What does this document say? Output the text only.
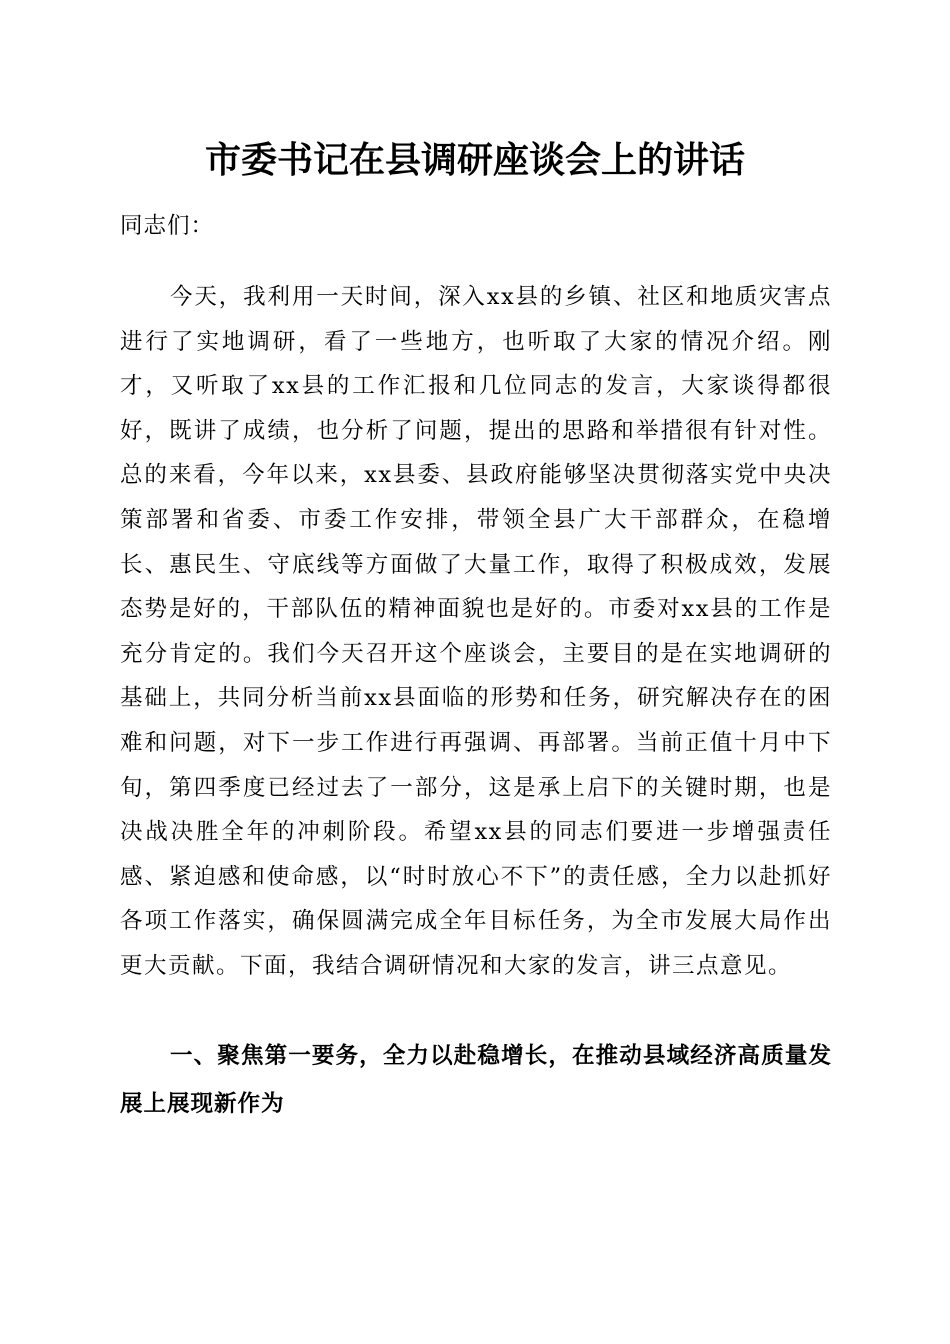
市委书记在县调研座谈会上的讲话
同志们：
今天，我利用一天时间，深入xx县的乡镇、社区和地质灾害点进行了实地调研，看了一些地方，也听取了大家的情况介绍。刚才，又听取了xx县的工作汇报和几位同志的发言，大家谈得都很好，既讲了成绩，也分析了问题，提出的思路和举措很有针对性。总的来看，今年以来，xx县委、县政府能够坚决贯彻落实党中央决策部署和省委、市委工作安排，带领全县广大干部群众，在稳增长、惠民生、守底线等方面做了大量工作，取得了积极成效，发展态势是好的，干部队伍的精神面貌也是好的。市委对xx县的工作是充分肯定的。我们今天召开这个座谈会，主要目的是在实地调研的基础上，共同分析当前xx县面临的形势和任务，研究解决存在的困难和问题，对下一步工作进行再强调、再部署。当前正值十月中下旬，第四季度已经过去了一部分，这是承上启下的关键时期，也是决战决胜全年的冲刺阶段。希望xx县的同志们要进一步增强责任感、紧迫感和使命感，以“时时放心不下”的责任感，全力以赴抓好各项工作落实，确保圆满完成全年目标任务，为全市发展大局作出更大贡献。下面，我结合调研情况和大家的发言，讲三点意见。
一、聚焦第一要务，全力以赴稳增长，在推动县域经济高质量发展上展现新作为
